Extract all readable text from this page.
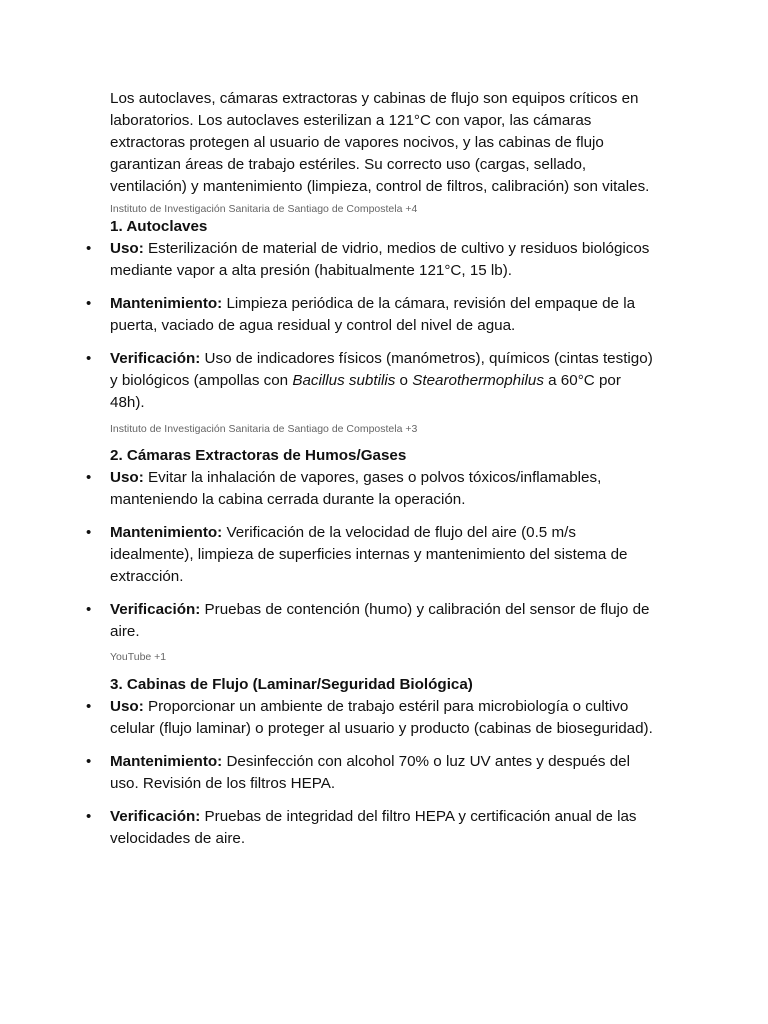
Los autoclaves, cámaras extractoras y cabinas de flujo son equipos críticos en laboratorios. Los autoclaves esterilizan a 121°C con vapor, las cámaras extractoras protegen al usuario de vapores nocivos, y las cabinas de flujo garantizan áreas de trabajo estériles. Su correcto uso (cargas, sellado, ventilación) y mantenimiento (limpieza, control de filtros, calibración) son vitales.

Instituto de Investigación Sanitaria de Santiago de Compostela +4
1. Autoclaves
• Uso: Esterilización de material de vidrio, medios de cultivo y residuos biológicos mediante vapor a alta presión (habitualmente 121°C, 15 lb).
• Mantenimiento: Limpieza periódica de la cámara, revisión del empaque de la puerta, vaciado de agua residual y control del nivel de agua.
• Verificación: Uso de indicadores físicos (manómetros), químicos (cintas testigo) y biológicos (ampollas con Bacillus subtilis o Stearothermophilus a 60°C por 48h).
Instituto de Investigación Sanitaria de Santiago de Compostela +3
2. Cámaras Extractoras de Humos/Gases
• Uso: Evitar la inhalación de vapores, gases o polvos tóxicos/inflamables, manteniendo la cabina cerrada durante la operación.
• Mantenimiento: Verificación de la velocidad de flujo del aire (0.5 m/s idealmente), limpieza de superficies internas y mantenimiento del sistema de extracción.
• Verificación: Pruebas de contención (humo) y calibración del sensor de flujo de aire.
YouTube +1
3. Cabinas de Flujo (Laminar/Seguridad Biológica)
• Uso: Proporcionar un ambiente de trabajo estéril para microbiología o cultivo celular (flujo laminar) o proteger al usuario y producto (cabinas de bioseguridad).
• Mantenimiento: Desinfección con alcohol 70% o luz UV antes y después del uso. Revisión de los filtros HEPA.
• Verificación: Pruebas de integridad del filtro HEPA y certificación anual de las velocidades de aire.
